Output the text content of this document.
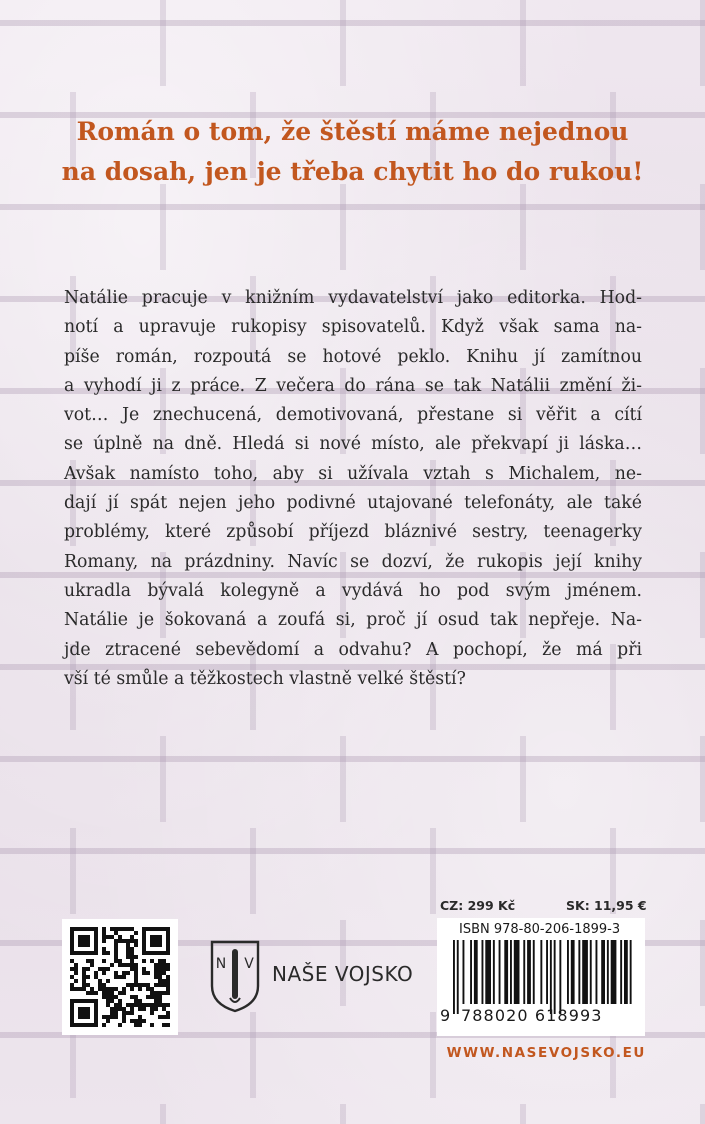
Román o tom, že štěstí máme nejednou
na dosah, jen je třeba chytit ho do rukou!
Natálie pracuje v knižním vydavatelství jako editorka. Hod-
notí a upravuje rukopisy spisovatelů. Když však sama na-
píše román, rozpoutá se hotové peklo. Knihu jí zamítnou
a vyhodí ji z práce. Z večera do rána se tak Natálii změní ži-
vot… Je znechucená, demotivovaná, přestane si věřit a cítí
se úplně na dně. Hledá si nové místo, ale překvapí ji láska…
Avšak namísto toho, aby si užívala vztah s Michalem, ne-
dají jí spát nejen jeho podivné utajované telefonáty, ale také
problémy, které způsobí příjezd bláznivé sestry, teenagerky
Romany, na prázdniny. Navíc se dozví, že rukopis její knihy
ukradla bývalá kolegyně a vydává ho pod svým jménem.
Natálie je šokovaná a zoufá si, proč jí osud tak nepřeje. Na-
jde ztracené sebevědomí a odvahu? A pochopí, že má při
vší té smůle a těžkostech vlastně velké štěstí?
N V NAŠE VOJSKO
CZ: 299 Kč	SK: 11,95 €
ISBN 978-80-206-1899-3
9 788020 618993
WWW.NASEVOJSKO.EU
